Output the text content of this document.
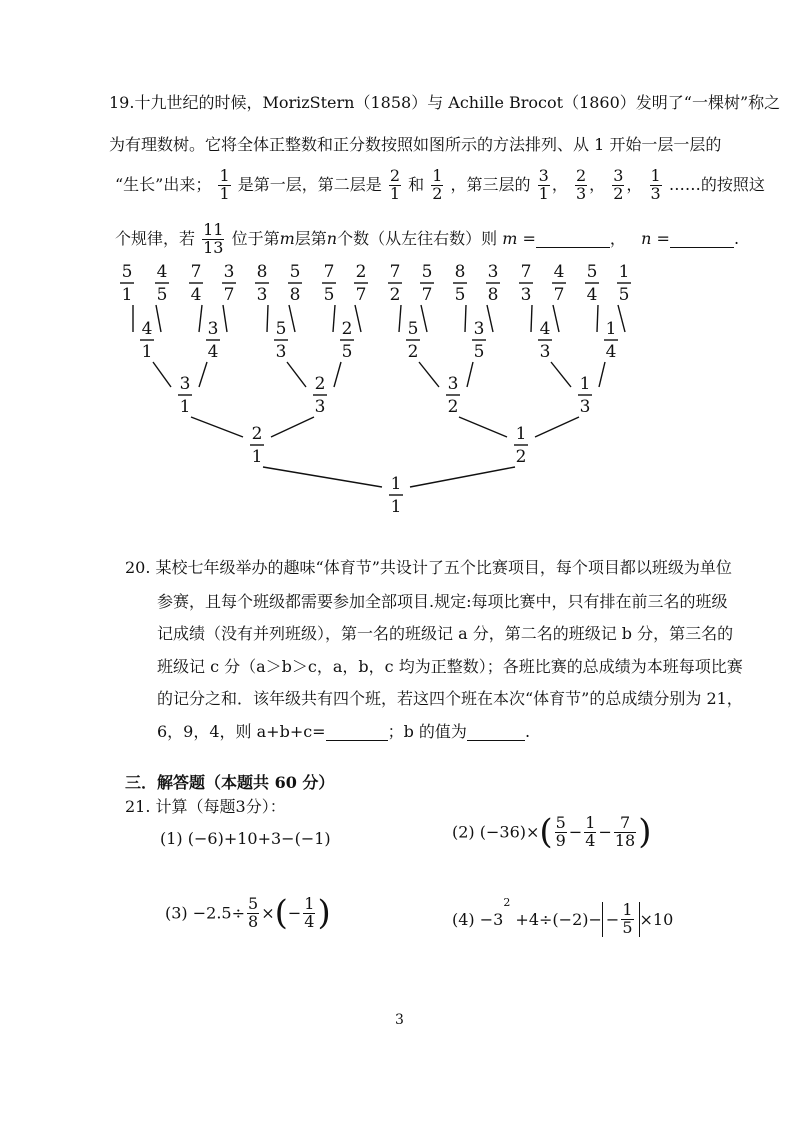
19.十九世纪的时候，MorizStern（1858）与 Achille Brocot（1860）发明了“一棵树”称之
为有理数树。它将全体正整数和正分数按照如图所示的方法排列、从 1 开始一层一层的
“生长”出来； $\frac{1}{1}$ 是第一层，第二层是 $\frac{2}{1}$ 和 $\frac{1}{2}$ ，第三层的 $\frac{3}{1}$ ， $\frac{2}{3}$ ， $\frac{3}{2}$ ， $\frac{1}{3}$ ……的按照这
个规律，若 $\frac{11}{13}$ 位于第m层第n个数（从左往右数）则 m =	， n =	.
1
1
2
1
1
2
3
1
2
3
3
2
1
3
4
1
3
4
5
3
2
5
5
2
3
5
4
3
1
4
5
1
4
5
7
4
3
7
8
3
5
8
7
5
2
7
7
2
5
7
8
5
3
8
7
3
4
7
5
4
1
5
20. 某校七年级举办的趣味“体育节”共设计了五个比赛项目，每个项目都以班级为单位
参赛，且每个班级都需要参加全部项目.规定:每项比赛中，只有排在前三名的班级
记成绩（没有并列班级），第一名的班级记 a 分，第二名的班级记 b 分，第三名的
班级记 c 分（a＞b＞c，a，b，c 均为正整数）；各班比赛的总成绩为本班每项比赛
的记分之和．该年级共有四个班，若这四个班在本次“体育节”的总成绩分别为 21，
6，9，4，则 a+b+c=	；b 的值为	.
三．解答题（本题共 60 分）
21. 计算（每题3分）：
(1) (−6)+10+3−(−1)	(2) $(-36)\times( \frac{5}{9} - \frac{1}{4} - \frac{7}{18}$ )
$(3) -2.5\div \frac{5}{8}$ ×(− $\frac{1}{4}$ )	$(4) -3^2 +4\div(-2)- - \frac{1}{5} \times 10$
3
